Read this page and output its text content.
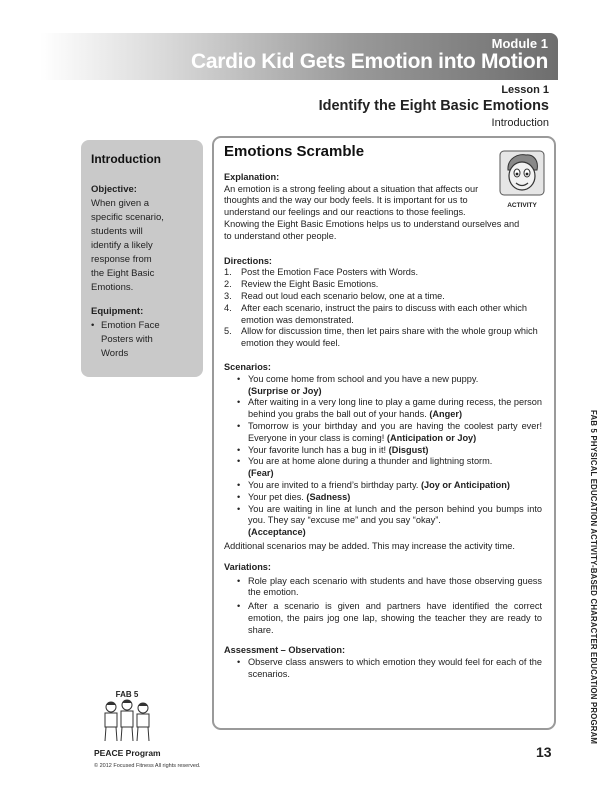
Module 1
Cardio Kid Gets Emotion into Motion
Lesson 1
Identify the Eight Basic Emotions
Introduction
Introduction
Objective:

When given a
specific scenario,
students will
identify a likely
response from
the Eight Basic
Emotions.

Equipment:
• Emotion Face
Posters with
Words
Emotions Scramble
Explanation:
An emotion is a strong feeling about a situation that affects our
thoughts and the way our body feels. It is important for us to
understand our feelings and our reactions to those feelings.
Knowing the Eight Basic Emotions helps us to understand ourselves and
to understand other people.
Directions:
1. Post the Emotion Face Posters with Words.
2. Review the Eight Basic Emotions.
3. Read out loud each scenario below, one at a time.
4. After each scenario, instruct the pairs to discuss with each other which emotion was demonstrated.
5. Allow for discussion time, then let pairs share with the whole group which emotion they would feel.
Scenarios:
• You come home from school and you have a new puppy.
(Surprise or Joy)
• After waiting in a very long line to play a game during recess, the person behind you grabs the ball out of your hands. (Anger)
• Tomorrow is your birthday and you are having the coolest party ever! Everyone in your class is coming! (Anticipation or Joy)
• Your favorite lunch has a bug in it! (Disgust)
• You are at home alone during a thunder and lightning storm.
(Fear)
• You are invited to a friend’s birthday party. (Joy or Anticipation)
• Your pet dies. (Sadness)
• You are waiting in line at lunch and the person behind you bumps into you. They say “excuse me” and you say “okay”.
(Acceptance)
Additional scenarios may be added. This may increase the activity time.
Variations:
• Role play each scenario with students and have those observing guess the emotion.
• After a scenario is given and partners have identified the correct emotion, the pairs jog one lap, showing the teacher they are ready to share.
Assessment – Observation:
• Observe class answers to which emotion they would feel for each of the scenarios.
ACTIVITY
FAB 5 PHYSICAL EDUCATION ACTIVITY-BASED CHARACTER EDUCATION PROGRAM
FAB 5
PEACE Program
© 2012 Focused Fitness All rights reserved.
13
